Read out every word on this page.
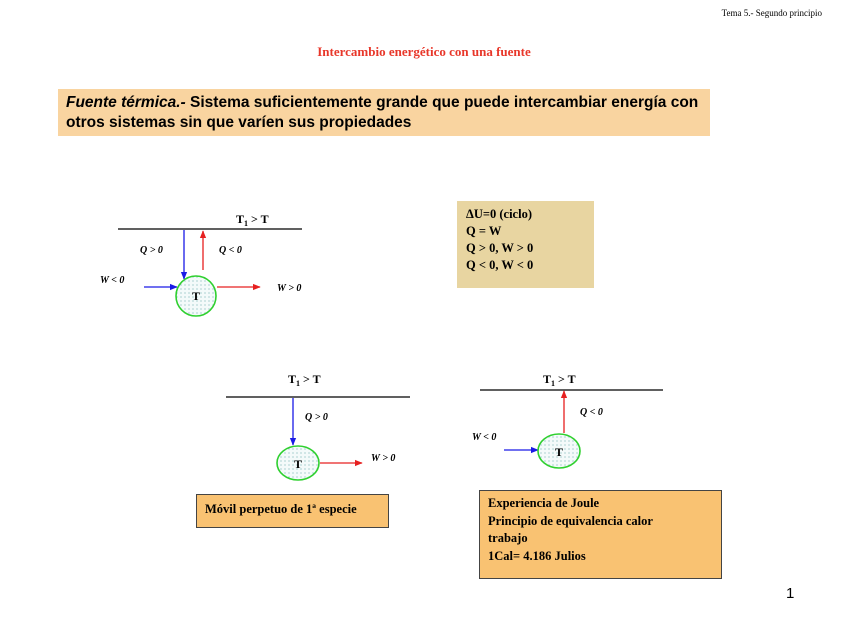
Tema 5.- Segundo principio
Intercambio energético con una fuente
Fuente térmica.- Sistema suficientemente grande que puede intercambiar energía con otros sistemas sin que varíen sus propiedades
$T_1 > T$
Q > 0	Q < 0
W < 0
W > 0
T
$T_1 > T$
Q > 0
W > 0
T
$T_1 > T$
Q < 0
W < 0
T
ΔU=0 (ciclo)
Q = W
Q > 0, W > 0
Q < 0, W < 0
Móvil perpetuo de 1ª especie	Experiencia de Joule
Principio de equivalencia calor
trabajo
1Cal= 4.186 Julios
1
